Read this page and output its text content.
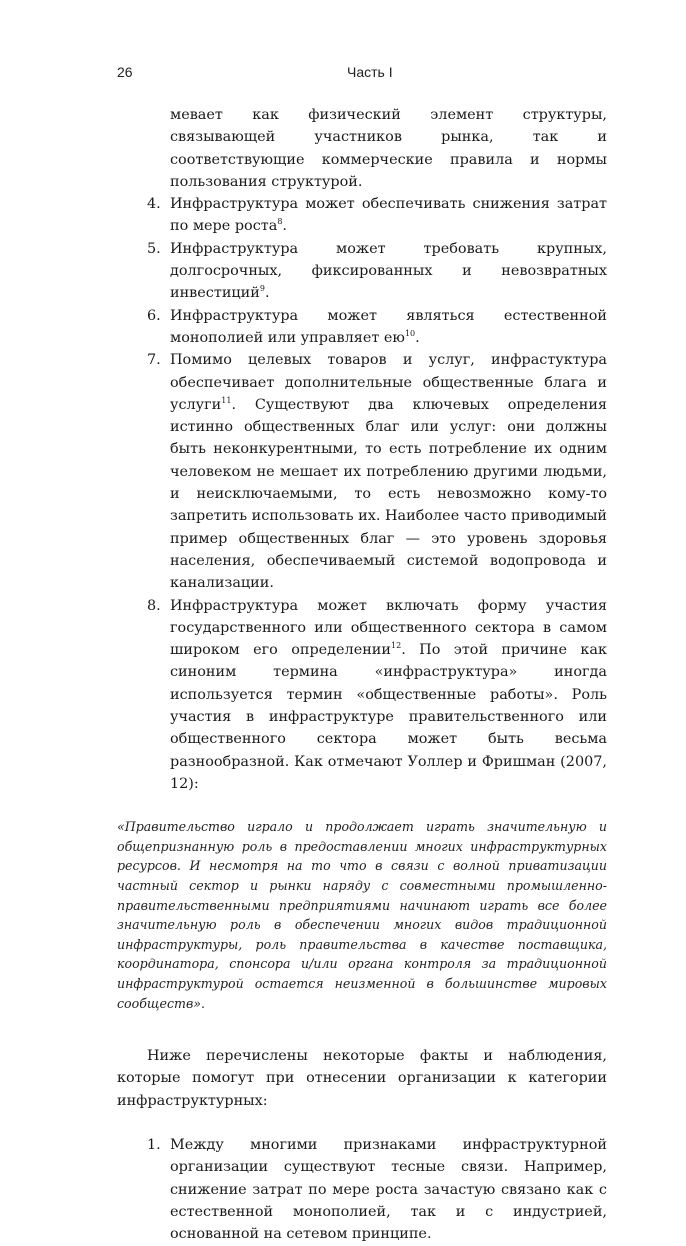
26	Часть I

мевает как физический элемент структуры, связывающей участников рынка, так и соответствующие коммерческие правила и нормы пользования структурой.

4. Инфраструктура может обеспечивать снижения затрат по мере роста$^8$.
5. Инфраструктура может требовать крупных, долгосрочных, фиксированных и невозвратных инвестиций$^9$.
6. Инфраструктура может являться естественной монополией или управляет $ею^{10}$.
7. Помимо целевых товаров и услуг, инфрастуктура обеспечивает дополнительные общественные блага и услуги$^{11}$. Существуют два ключевых определения истинно общественных благ или услуг: они должны быть неконкурентными, то есть потребление их одним человеком не мешает их потреблению другими людьми, и неисключаемыми, то есть невозможно кому-то запретить использовать их. Наиболее часто приводимый пример общественных благ — это уровень здоровья населения, обеспечиваемый системой водопровода и канализации.
8. Инфраструктура может включать форму участия государственного или общественного сектора в самом широком его определении$^{12}$. По этой причине как синоним термина «инфраструктура» иногда используется термин «общественные работы». Роль участия в инфраструктуре правительственного или общественного сектора может быть весьма разнообразной. Как отмечают Уоллер и Фришман (2007, 12):

«Правительство играло и продолжает играть значительную и общепризнанную роль в предоставлении многих инфраструктурных ресурсов. И несмотря на то что в связи с волной приватизации частный сектор и рынки наряду с совместными промышленно-правительственными предприятиями начинают играть все более значительную роль в обеспечении многих видов традиционной инфраструктуры, роль правительства в качестве поставщика, координатора, спонсора и/или органа контроля за традиционной инфраструктурой остается неизменной в большинстве мировых сообществ».

Ниже перечислены некоторые факты и наблюдения, которые помогут при отнесении организации к категории инфраструктурных:

1. Между многими признаками инфраструктурной организации существуют тесные связи. Например, снижение затрат по мере роста зачастую связано как с естественной монополией, так и с индустрией, основанной на сетевом принципе.
